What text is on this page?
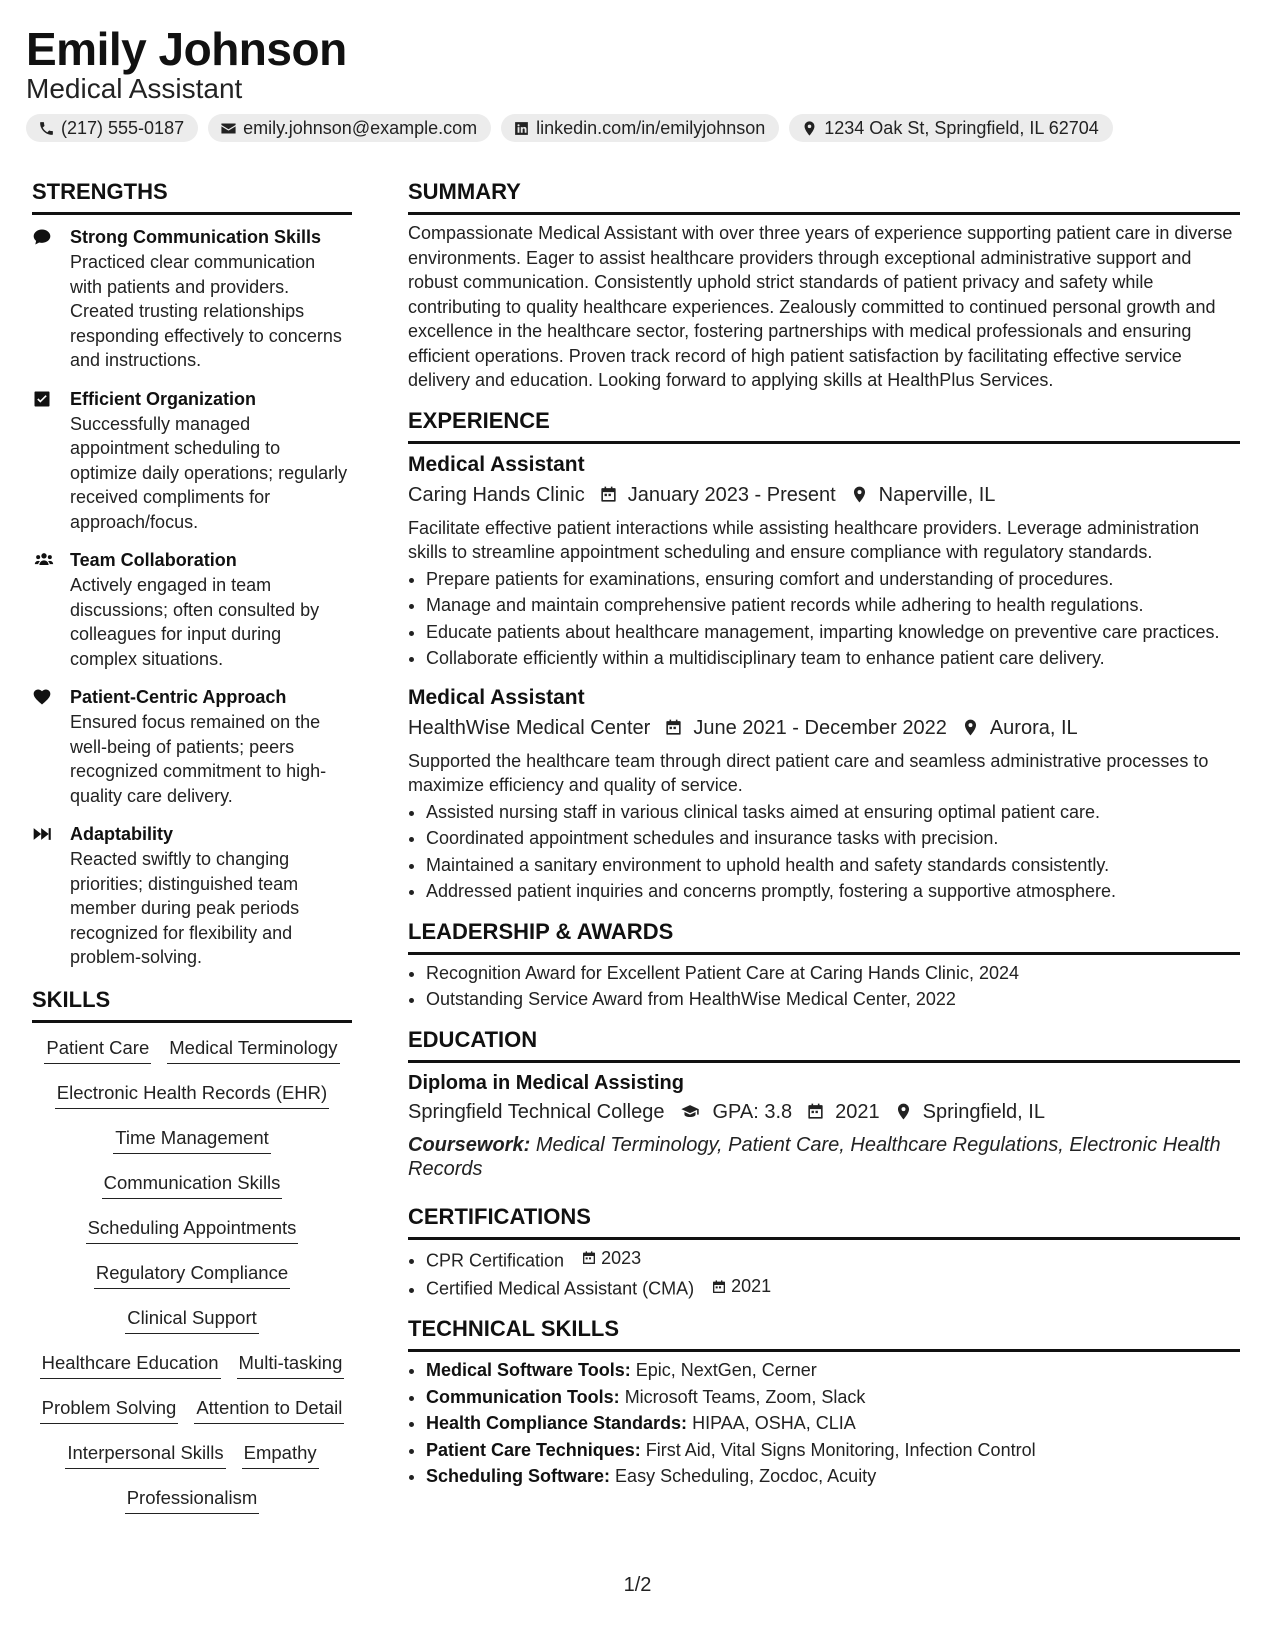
Emily Johnson
Medical Assistant
(217) 555-0187	emily.johnson@example.com	linkedin.com/in/emilyjohnson	1234 Oak St, Springfield, IL 62704
STRENGTHS
Strong Communication Skills
Practiced clear communication with patients and providers. Created trusting relationships responding effectively to concerns and instructions.
Efficient Organization
Successfully managed appointment scheduling to optimize daily operations; regularly received compliments for approach/focus.
Team Collaboration
Actively engaged in team discussions; often consulted by colleagues for input during complex situations.
Patient-Centric Approach
Ensured focus remained on the well-being of patients; peers recognized commitment to high-quality care delivery.
Adaptability
Reacted swiftly to changing priorities; distinguished team member during peak periods recognized for flexibility and problem-solving.
SKILLS
Patient Care Medical Terminology
Electronic Health Records (EHR)
Time Management
Communication Skills
Scheduling Appointments
Regulatory Compliance
Clinical Support
Healthcare Education Multi-tasking
Problem Solving Attention to Detail
Interpersonal Skills Empathy
Professionalism
SUMMARY

Compassionate Medical Assistant with over three years of experience supporting patient care in diverse environments. Eager to assist healthcare providers through exceptional administrative support and robust communication. Consistently uphold strict standards of patient privacy and safety while contributing to quality healthcare experiences. Zealously committed to continued personal growth and excellence in the healthcare sector, fostering partnerships with medical professionals and ensuring efficient operations. Proven track record of high patient satisfaction by facilitating effective service delivery and education. Looking forward to applying skills at HealthPlus Services.

EXPERIENCE
Medical Assistant
Caring Hands Clinic January 2023 - Present Naperville, IL

Facilitate effective patient interactions while assisting healthcare providers. Leverage administration skills to streamline appointment scheduling and ensure compliance with regulatory standards.

• Prepare patients for examinations, ensuring comfort and understanding of procedures.
• Manage and maintain comprehensive patient records while adhering to health regulations.
• Educate patients about healthcare management, imparting knowledge on preventive care practices.
• Collaborate efficiently within a multidisciplinary team to enhance patient care delivery.
Medical Assistant
HealthWise Medical Center June 2021 - December 2022 Aurora, IL

Supported the healthcare team through direct patient care and seamless administrative processes to maximize efficiency and quality of service.

• Assisted nursing staff in various clinical tasks aimed at ensuring optimal patient care.
• Coordinated appointment schedules and insurance tasks with precision.
• Maintained a sanitary environment to uphold health and safety standards consistently.
• Addressed patient inquiries and concerns promptly, fostering a supportive atmosphere.
LEADERSHIP & AWARDS
• Recognition Award for Excellent Patient Care at Caring Hands Clinic, 2024
• Outstanding Service Award from HealthWise Medical Center, 2022
EDUCATION
Diploma in Medical Assisting
Springfield Technical College GPA: 3.8 2021 Springfield, IL
Coursework: Medical Terminology, Patient Care, Healthcare Regulations, Electronic Health Records
CERTIFICATIONS
• CPR Certification 2023
• Certified Medical Assistant (CMA) 2021
TECHNICAL SKILLS
• Medical Software Tools: Epic, NextGen, Cerner
• Communication Tools: Microsoft Teams, Zoom, Slack
• Health Compliance Standards: HIPAA, OSHA, CLIA
• Patient Care Techniques: First Aid, Vital Signs Monitoring, Infection Control
• Scheduling Software: Easy Scheduling, Zocdoc, Acuity
1/2
